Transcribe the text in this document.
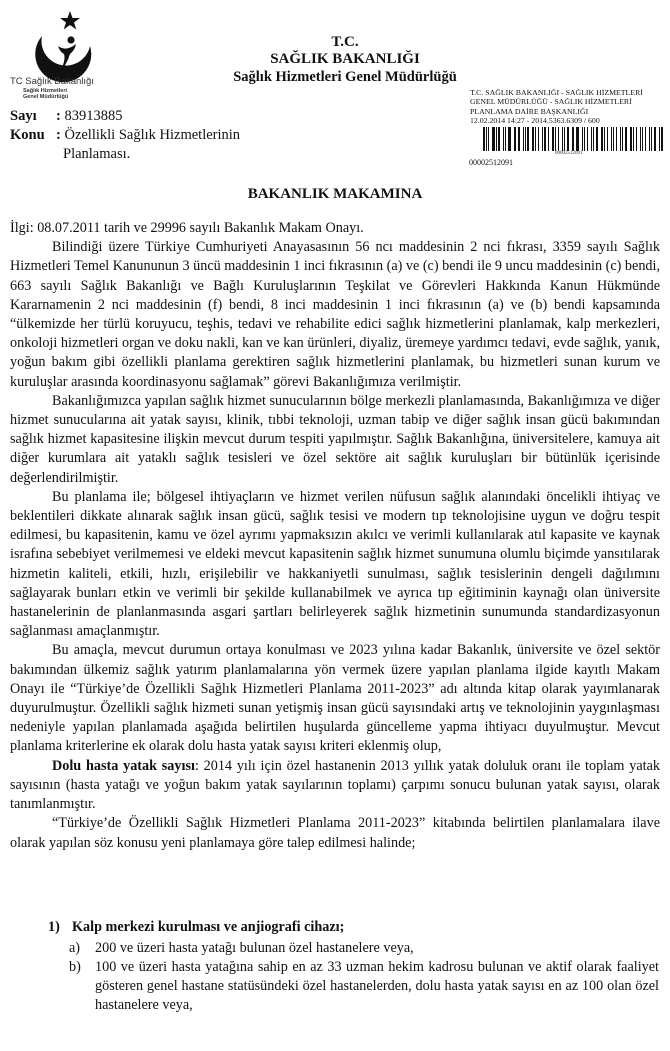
TC Sağlık Bakanlığı
Sağlık Hizmetleri
Genel Müdürlüğü
T.C.
SAĞLIK BAKANLIĞI
Sağlık Hizmetleri Genel Müdürlüğü
Sayı : 83913885
Konu : Özellikli Sağlık Hizmetlerinin
Planlaması.
T.C. SAĞLIK BAKANLIĞI - SAĞLIK HİZMETLERİ
GENEL MÜDÜRLÜĞÜ - SAĞLIK HİZMETLERİ
PLANLAMA DAİRE BAŞKANLIĞI
12.02.2014 14:27 - 2014.5363.6309 / 600
00002512091
00002512091
BAKANLIK MAKAMINA

İlgi: 08.07.2011 tarih ve 29996 sayılı Bakanlık Makam Onayı.

Bilindiği üzere Türkiye Cumhuriyeti Anayasasının 56 ncı maddesinin 2 nci fıkrası, 3359 sayılı Sağlık Hizmetleri Temel Kanununun 3 üncü maddesinin 1 inci fıkrasının (a) ve (c) bendi ile 9 uncu maddesinin (c) bendi, 663 sayılı Sağlık Bakanlığı ve Bağlı Kuruluşlarının Teşkilat ve Görevleri Hakkında Kanun Hükmünde Kararnamenin 2 nci maddesinin (f) bendi, 8 inci maddesinin 1 inci fıkrasının (a) ve (b) bendi kapsamında “ülkemizde her türlü koruyucu, teşhis, tedavi ve rehabilite edici sağlık hizmetlerini planlamak, kalp merkezleri, onkoloji hizmetleri organ ve doku nakli, kan ve kan ürünleri, diyaliz, üremeye yardımcı tedavi, evde sağlık, yanık, yoğun bakım gibi özellikli planlama gerektiren sağlık hizmetlerini planlamak, bu hizmetleri sunan kurum ve kuruluşlar arasında koordinasyonu sağlamak” görevi Bakanlığımıza verilmiştir.

Bakanlığımızca yapılan sağlık hizmet sunucularının bölge merkezli planlamasında, Bakanlığımıza ve diğer hizmet sunucularına ait yatak sayısı, klinik, tıbbi teknoloji, uzman tabip ve diğer sağlık insan gücü bakımından sağlık hizmet kapasitesine ilişkin mevcut durum tespiti yapılmıştır. Sağlık Bakanlığına, üniversitelere, kamuya ait diğer kurumlara ait yataklı sağlık tesisleri ve özel sektöre ait sağlık kuruluşları bir bütünlük içerisinde değerlendirilmiştir.

Bu planlama ile; bölgesel ihtiyaçların ve hizmet verilen nüfusun sağlık alanındaki öncelikli ihtiyaç ve beklentileri dikkate alınarak sağlık insan gücü, sağlık tesisi ve modern tıp teknolojisine uygun ve doğru tespit edilmesi, bu kapasitenin, kamu ve özel ayrımı yapmaksızın akılcı ve verimli kullanılarak atıl kapasite ve kaynak israfına sebebiyet verilmemesi ve eldeki mevcut kapasitenin sağlık hizmet sunumuna olumlu biçimde yansıtılarak hizmetin kaliteli, etkili, hızlı, erişilebilir ve hakkaniyetli sunulması, sağlık tesislerinin dengeli dağılımını sağlayarak bunları etkin ve verimli bir şekilde kullanabilmek ve ayrıca tıp eğitiminin kaynağı olan üniversite hastanelerinin de planlanmasında asgari şartları belirleyerek sağlık hizmetinin sunumunda standardizasyonun sağlanması amaçlanmıştır.

Bu amaçla, mevcut durumun ortaya konulması ve 2023 yılına kadar Bakanlık, üniversite ve özel sektör bakımından ülkemiz sağlık yatırım planlamalarına yön vermek üzere yapılan planlama ilgide kayıtlı Makam Onayı ile “Türkiye’de Özellikli Sağlık Hizmetleri Planlama 2011-2023” adı altında kitap olarak yayımlanarak duyurulmuştur. Özellikli sağlık hizmeti sunan yetişmiş insan gücü sayısındaki artış ve teknolojinin yaygınlaşması nedeniyle yapılan planlamada aşağıda belirtilen huşularda güncelleme yapma ihtiyacı duyulmuştur. Mevcut planlama kriterlerine ek olarak dolu hasta yatak sayısı kriteri eklenmiş olup,

Dolu hasta yatak sayısı: 2014 yılı için özel hastanenin 2013 yıllık yatak doluluk oranı ile toplam yatak sayısının (hasta yatağı ve yoğun bakım yatak sayılarının toplamı) çarpımı sonucu bulunan yatak sayısı, olarak tanımlanmıştır.

“Türkiye’de Özellikli Sağlık Hizmetleri Planlama 2011-2023” kitabında belirtilen planlamalara ilave olarak yapılan söz konusu yeni planlamaya göre talep edilmesi halinde;

1) Kalp merkezi kurulması ve anjiografi cihazı;
a) 200 ve üzeri hasta yatağı bulunan özel hastanelere veya,
b) 100 ve üzeri hasta yatağına sahip en az 33 uzman hekim kadrosu bulunan ve aktif olarak faaliyet gösteren genel hastane statüsündeki özel hastanelerden, dolu hasta yatak sayısı en az 100 olan özel hastanelere veya,
